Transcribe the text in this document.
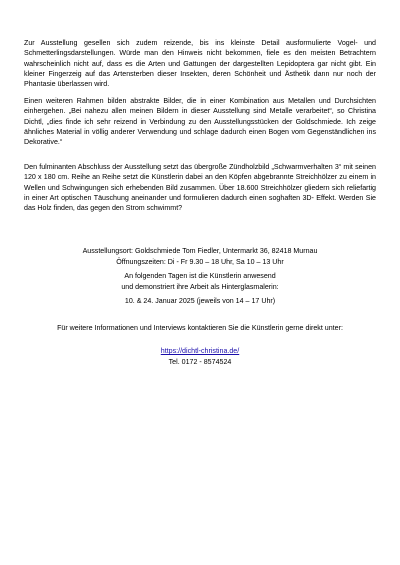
Zur Ausstellung gesellen sich zudem reizende, bis ins kleinste Detail ausformulierte Vogel- und Schmetterlingsdarstellungen. Würde man den Hinweis nicht bekommen, fiele es den meisten Betrachtern wahrscheinlich nicht auf, dass es die Arten und Gattungen der dargestellten Lepidoptera gar nicht gibt. Ein kleiner Fingerzeig auf das Artensterben dieser Insekten, deren Schönheit und Ästhetik dann nur noch der Phantasie überlassen wird.

Einen weiteren Rahmen bilden abstrakte Bilder, die in einer Kombination aus Metallen und Durchsichten einhergehen. „Bei nahezu allen meinen Bildern in dieser Ausstellung sind Metalle verarbeitet“, so Christina Dichtl, „dies finde ich sehr reizend in Verbindung zu den Ausstellungsstücken der Goldschmiede. Ich zeige ähnliches Material in völlig anderer Verwendung und schlage dadurch einen Bogen vom Gegenständlichen ins Dekorative.“

Den fulminanten Abschluss der Ausstellung setzt das übergroße Zündholzbild „Schwarmverhalten 3“ mit seinen 120 x 180 cm. Reihe an Reihe setzt die Künstlerin dabei an den Köpfen abgebrannte Streichhölzer zu einem in Wellen und Schwingungen sich erhebenden Bild zusammen. Über 18.600 Streichhölzer gliedern sich reliefartig in einer Art optischen Täuschung aneinander und formulieren dadurch einen soghaften 3D- Effekt. Werden Sie das Holz finden, das gegen den Strom schwimmt?

Ausstellungsort: Goldschmiede Tom Fiedler, Untermarkt 36, 82418 Murnau

Öffnungszeiten: Di - Fr 9.30 – 18 Uhr, Sa 10 – 13 Uhr

An folgenden Tagen ist die Künstlerin anwesend

und demonstriert ihre Arbeit als Hinterglasmalerin:

10. & 24. Januar 2025 (jeweils von 14 – 17 Uhr)

Für weitere Informationen und Interviews kontaktieren Sie die Künstlerin gerne direkt unter:

https://dichtl-christina.de/

Tel. 0172 - 8574524
